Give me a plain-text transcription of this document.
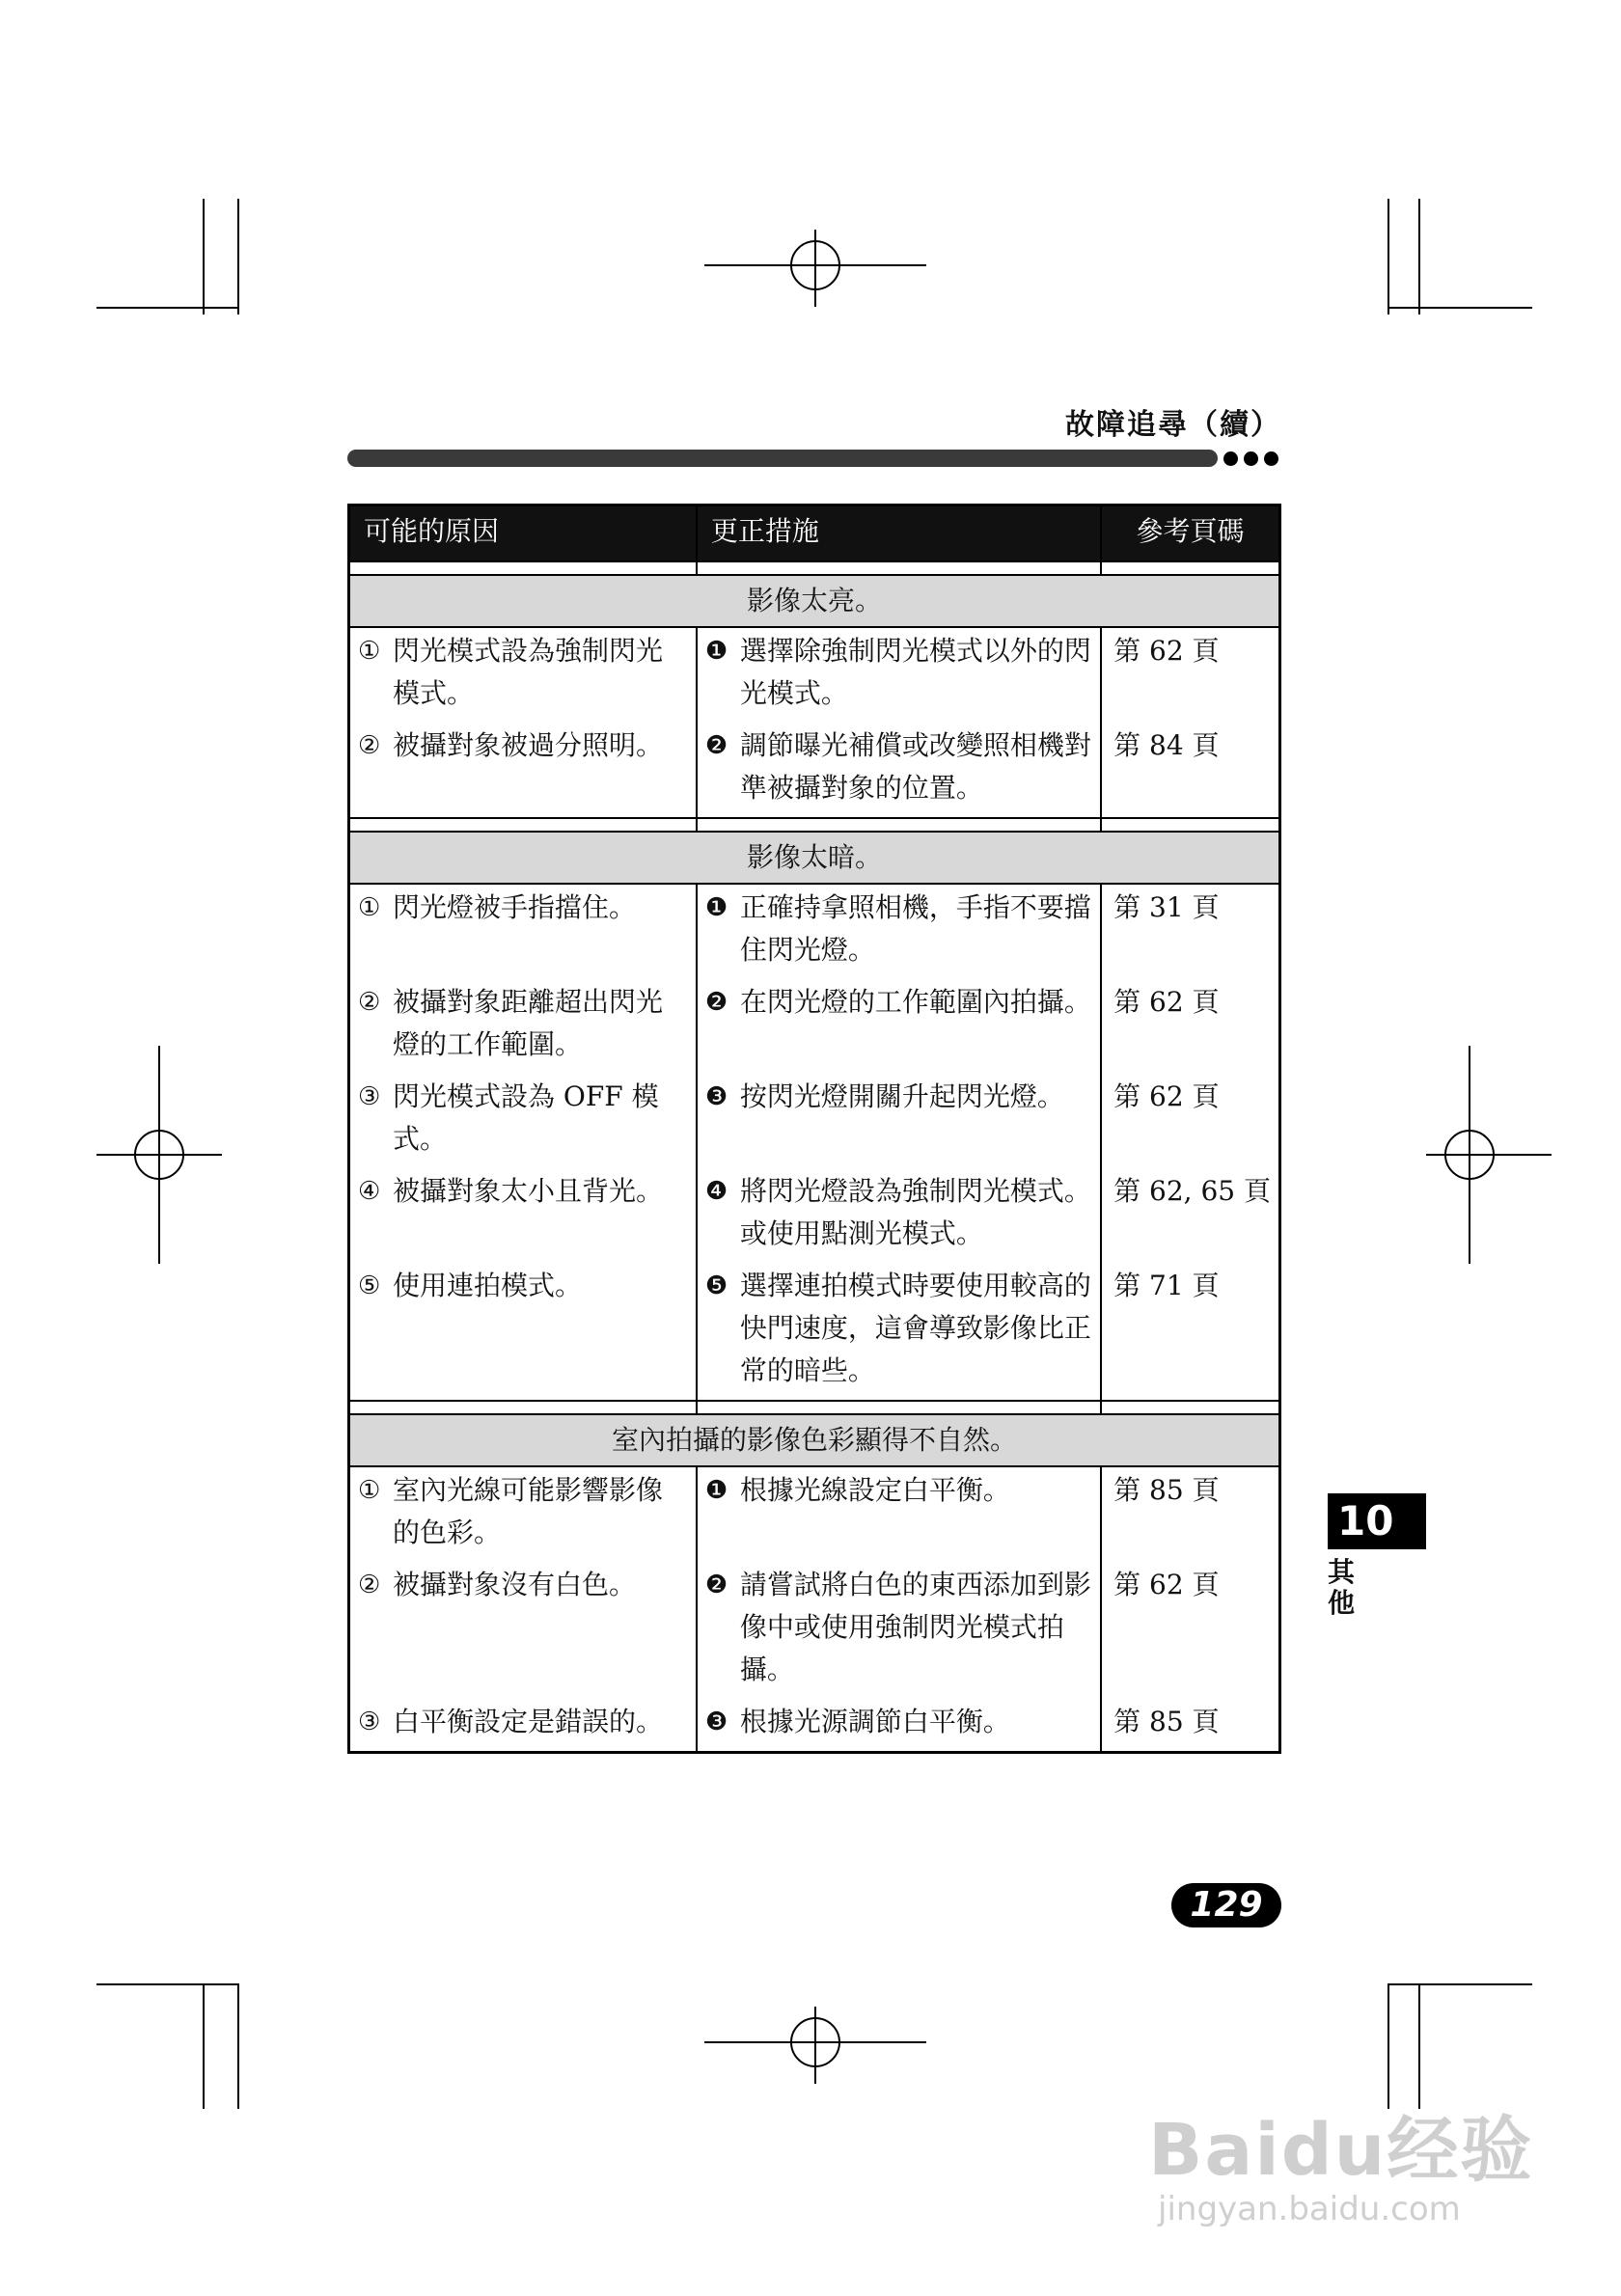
故障追尋（續）
可能的原因	更正措施	參考頁碼

影像太亮。		

① 閃光模式設為強制閃光模式。	❶ 選擇除強制閃光模式以外的閃光模式。	第 62 頁

② 被攝對象被過分照明。	❷ 調節曝光補償或改變照相機對準被攝對象的位置。	第 84 頁

影像太暗。		

① 閃光燈被手指擋住。	❶ 正確持拿照相機，手指不要擋住閃光燈。	第 31 頁

② 被攝對象距離超出閃光燈的工作範圍。	❷ 在閃光燈的工作範圍內拍攝。	第 62 頁

③ 閃光模式設為 OFF 模式。	❸ 按閃光燈開關升起閃光燈。	第 62 頁

④ 被攝對象太小且背光。	❹ 將閃光燈設為強制閃光模式。或使用點測光模式。	第 62, 65 頁

⑤ 使用連拍模式。	❺ 選擇連拍模式時要使用較高的快門速度，這會導致影像比正常的暗些。	第 71 頁

室內拍攝的影像色彩顯得不自然。		

① 室內光線可能影響影像的色彩。	❶ 根據光線設定白平衡。	第 85 頁

② 被攝對象沒有白色。	❷ 請嘗試將白色的東西添加到影像中或使用強制閃光模式拍攝。	第 62 頁

③ 白平衡設定是錯誤的。	❸ 根據光源調節白平衡。	第 85 頁
10
其他
129
Baidu经验
jingyan.baidu.com
